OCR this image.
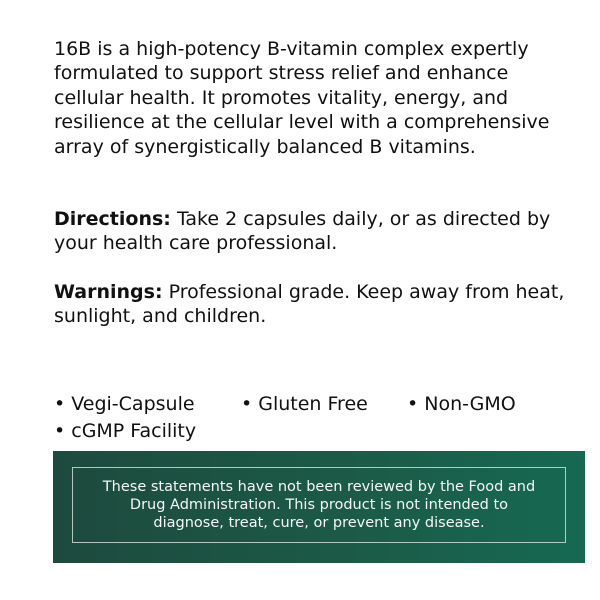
16B is a high-potency B-vitamin complex expertly formulated to support stress relief and enhance cellular health. It promotes vitality, energy, and resilience at the cellular level with a comprehensive array of synergistically balanced B vitamins.

Directions: Take 2 capsules daily, or as directed by your health care professional.

Warnings: Professional grade. Keep away from heat, sunlight, and children.

• Vegi-Capsule • Gluten Free • Non-GMO
• cGMP Facility

These statements have not been reviewed by the Food and Drug Administration. This product is not intended to diagnose, treat, cure, or prevent any disease.
